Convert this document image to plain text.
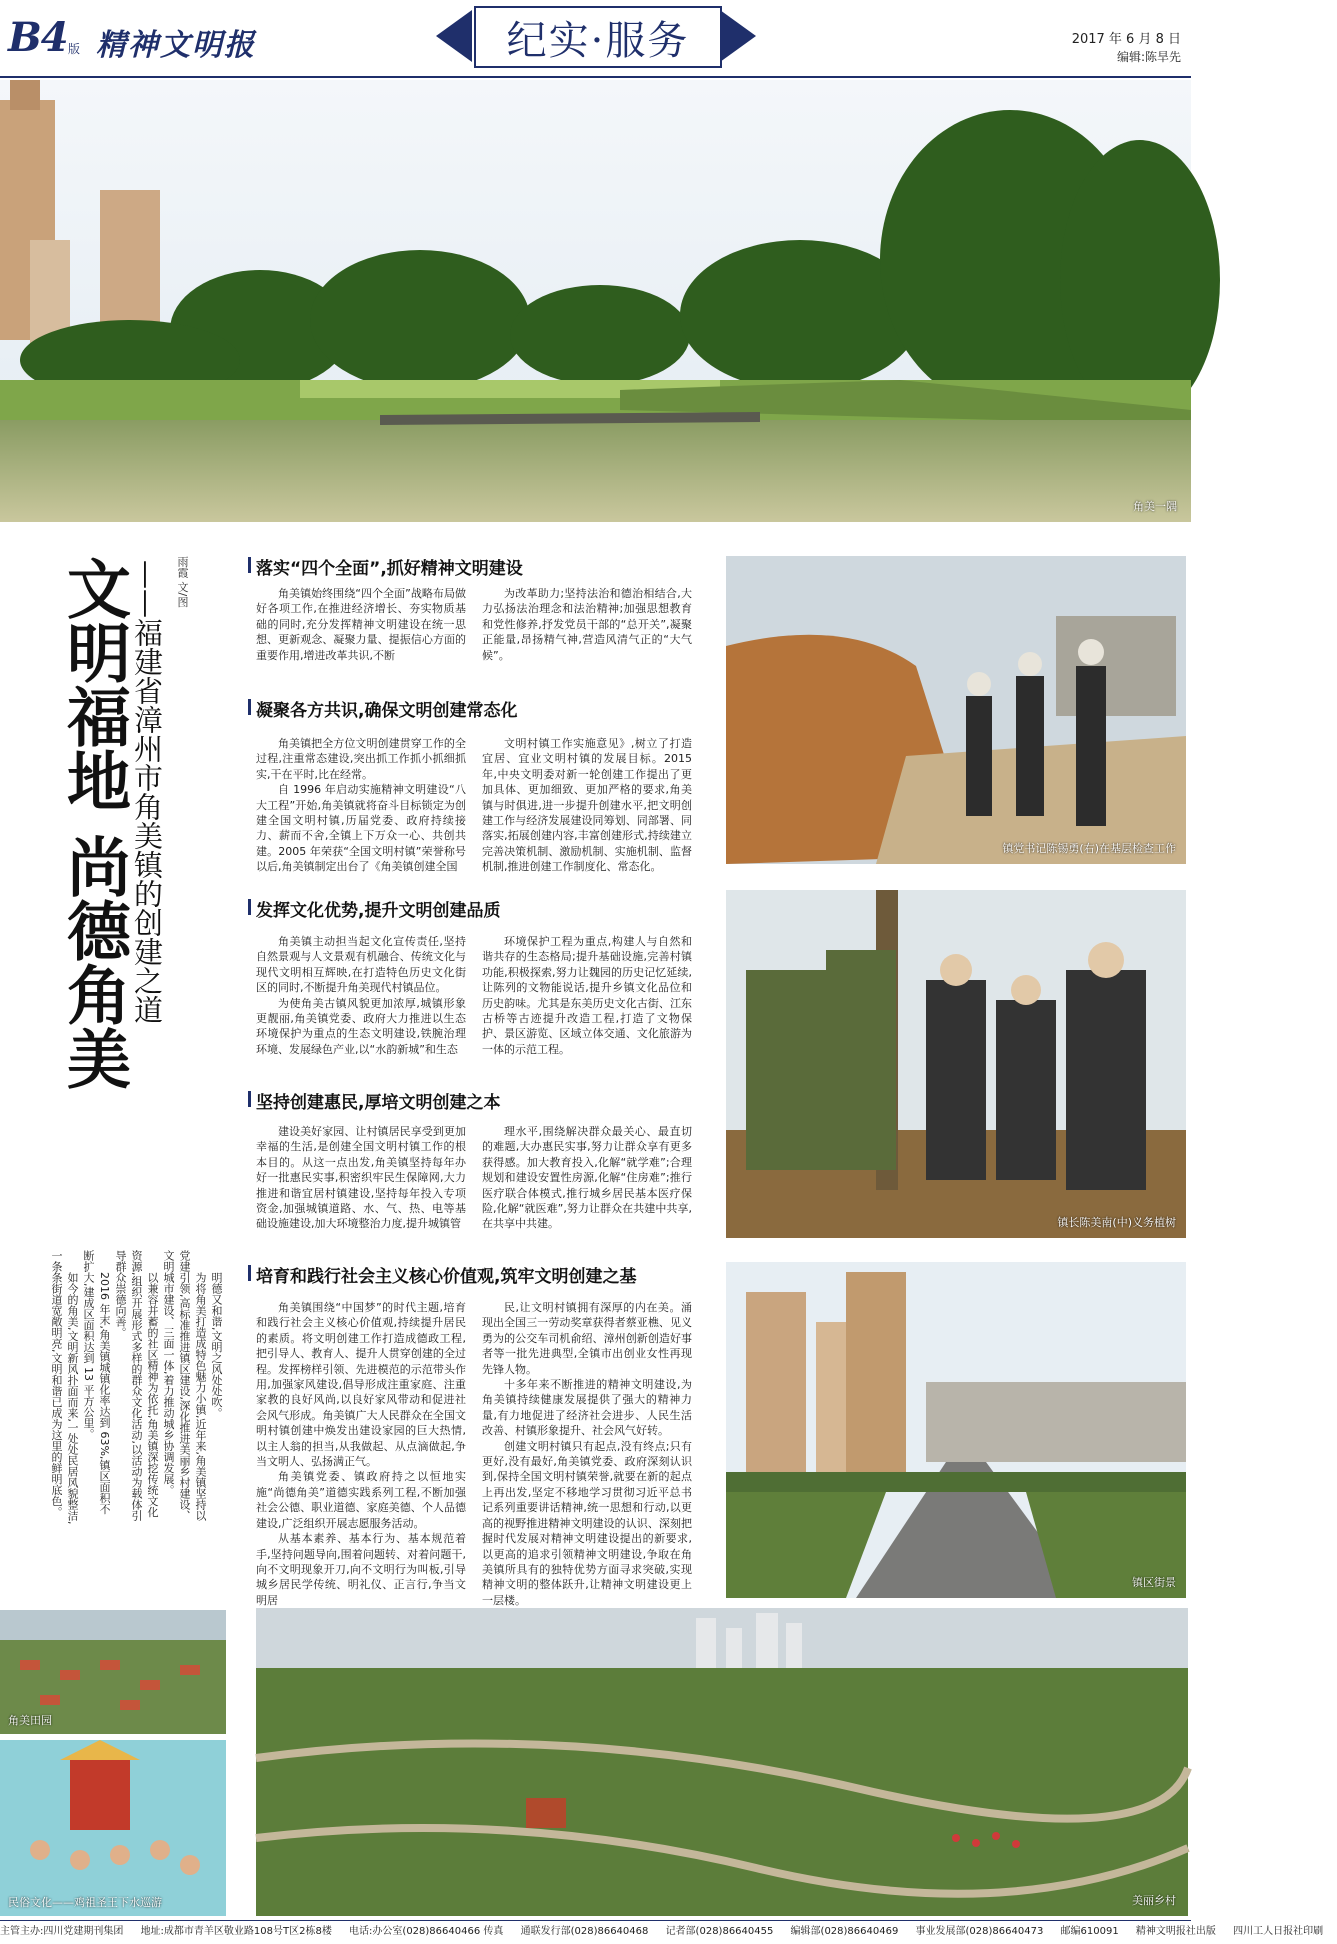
B4 版 精神文明报	纪实·服务	2017 年 6 月 8 日
编辑:陈旱先
角美一隅
文明福地 尚德角美 ——福建省漳州市角美镇的创建之道 雨霞 文/图

明德又和谐,文明之风处处吹。

为将角美打造成特色魅力小镇,近年来,角美镇坚持以党建引领,高标准推进镇区建设,深化推进美丽乡村建设、文明城市建设、三面一体,着力推动城乡协调发展。

以兼容并蓄的社区精神为依托,角美镇深挖传统文化资源,组织开展形式多样的群众文化活动,以活动为载体引导群众崇德向善。

2016 年末,角美镇城镇化率达到 63%,镇区面积不断扩大,建成区面积达到 13 平方公里。

如今的角美,文明新风扑面而来,一处处民居风貌整洁,一条条街道宽敞明亮,文明和谐已成为这里的鲜明底色。

落实“四个全面”,抓好精神文明建设

角美镇始终围绕“四个全面”战略布局做好各项工作,在推进经济增长、夯实物质基础的同时,充分发挥精神文明建设在统一思想、更新观念、凝聚力量、提振信心方面的重要作用,增进改革共识,不断

为改革助力;坚持法治和德治相结合,大力弘扬法治理念和法治精神;加强思想教育和党性修养,抒发党员干部的“总开关”,凝聚正能量,昂扬精气神,营造风清气正的“大气候”。

凝聚各方共识,确保文明创建常态化

角美镇把全方位文明创建贯穿工作的全过程,注重常态建设,突出抓工作抓小抓细抓实,干在平时,比在经常。

自 1996 年启动实施精神文明建设“八大工程”开始,角美镇就将奋斗目标锁定为创建全国文明村镇,历届党委、政府持续接力、薪而不舍,全镇上下万众一心、共创共建。2005 年荣获“全国文明村镇”荣誉称号以后,角美镇制定出台了《角美镇创建全国

文明村镇工作实施意见》,树立了打造宜居、宜业文明村镇的发展目标。2015 年,中央文明委对新一轮创建工作提出了更加具体、更加细致、更加严格的要求,角美镇与时俱进,进一步提升创建水平,把文明创建工作与经济发展建设同筹划、同部署、同落实,拓展创建内容,丰富创建形式,持续建立完善决策机制、激励机制、实施机制、监督机制,推进创建工作制度化、常态化。

发挥文化优势,提升文明创建品质

角美镇主动担当起文化宣传责任,坚持自然景观与人文景观有机融合、传统文化与现代文明相互辉映,在打造特色历史文化街区的同时,不断提升角美现代村镇品位。

为使角美古镇风貌更加浓厚,城镇形象更靓丽,角美镇党委、政府大力推进以生态环境保护为重点的生态文明建设,铁腕治理环境、发展绿色产业,以“水韵新城”和生态

环境保护工程为重点,构建人与自然和谐共存的生态格局;提升基础设施,完善村镇功能,积极探索,努力让魏园的历史记忆延续,让陈列的文物能说话,提升乡镇文化品位和历史韵味。尤其是东美历史文化古街、江东古桥等古迹提升改造工程,打造了文物保护、景区游览、区域立体交通、文化旅游为一体的示范工程。

坚持创建惠民,厚培文明创建之本

建设美好家园、让村镇居民享受到更加幸福的生活,是创建全国文明村镇工作的根本目的。从这一点出发,角美镇坚持每年办好一批惠民实事,积密织牢民生保障网,大力推进和谐宜居村镇建设,坚持每年投入专项资金,加强城镇道路、水、气、热、电等基础设施建设,加大环境整治力度,提升城镇管

理水平,围绕解决群众最关心、最直切的难题,大办惠民实事,努力让群众享有更多获得感。加大教育投入,化解“就学难”;合理规划和建设安置性房源,化解“住房难”;推行医疗联合体模式,推行城乡居民基本医疗保险,化解“就医难”,努力让群众在共建中共享,在共享中共建。

培育和践行社会主义核心价值观,筑牢文明创建之基

角美镇围绕“中国梦”的时代主题,培育和践行社会主义核心价值观,持续提升居民的素质。将文明创建工作打造成德政工程,把引导人、教育人、提升人贯穿创建的全过程。发挥榜样引领、先进模范的示范带头作用,加强家风建设,倡导形成注重家庭、注重家教的良好风尚,以良好家风带动和促进社会风气形成。角美镇广大人民群众在全国文明村镇创建中焕发出建设家园的巨大热情,以主人翁的担当,从我做起、从点滴做起,争当文明人、弘扬满正气。

角美镇党委、镇政府持之以恒地实施“尚德角美”道德实践系列工程,不断加强社会公德、职业道德、家庭美德、个人品德建设,广泛组织开展志愿服务活动。

从基本素养、基本行为、基本规范着手,坚持问题导向,围着问题转、对着问题干,向不文明现象开刀,向不文明行为叫板,引导城乡居民学传统、明礼仪、正言行,争当文明居

民,让文明村镇拥有深厚的内在美。涌现出全国三一劳动奖章获得者蔡亚樵、见义勇为的公交车司机俞绍、漳州创新创造好事者等一批先进典型,全镇市出创业女性再现先锋人物。

十多年来不断推进的精神文明建设,为角美镇持续健康发展提供了强大的精神力量,有力地促进了经济社会进步、人民生活改善、村镇形象提升、社会风气好转。

创建文明村镇只有起点,没有终点;只有更好,没有最好,角美镇党委、政府深刻认识到,保持全国文明村镇荣誉,就要在新的起点上再出发,坚定不移地学习贯彻习近平总书记系列重要讲话精神,统一思想和行动,以更高的视野推进精神文明建设的认识、深刻把握时代发展对精神文明建设提出的新要求,以更高的追求引领精神文明建设,争取在角美镇所具有的独特优势方面寻求突破,实现精神文明的整体跃升,让精神文明建设更上一层楼。

镇党书记陈锡勇(右)在基层检查工作
镇长陈美南(中)义务植树
镇区街景
角美田园
民俗文化——鸡祖圣王下水巡游	美丽乡村
主管主办:四川党建期刊集团 地址:成都市青羊区敬业路108号T区2栋8楼 电话:办公室(028)86640466 传真 通联发行部(028)86640468 记者部(028)86640455 编辑部(028)86640469 事业发展部(028)86640473 邮编610091 精神文明报社出版 四川工人日报社印刷
